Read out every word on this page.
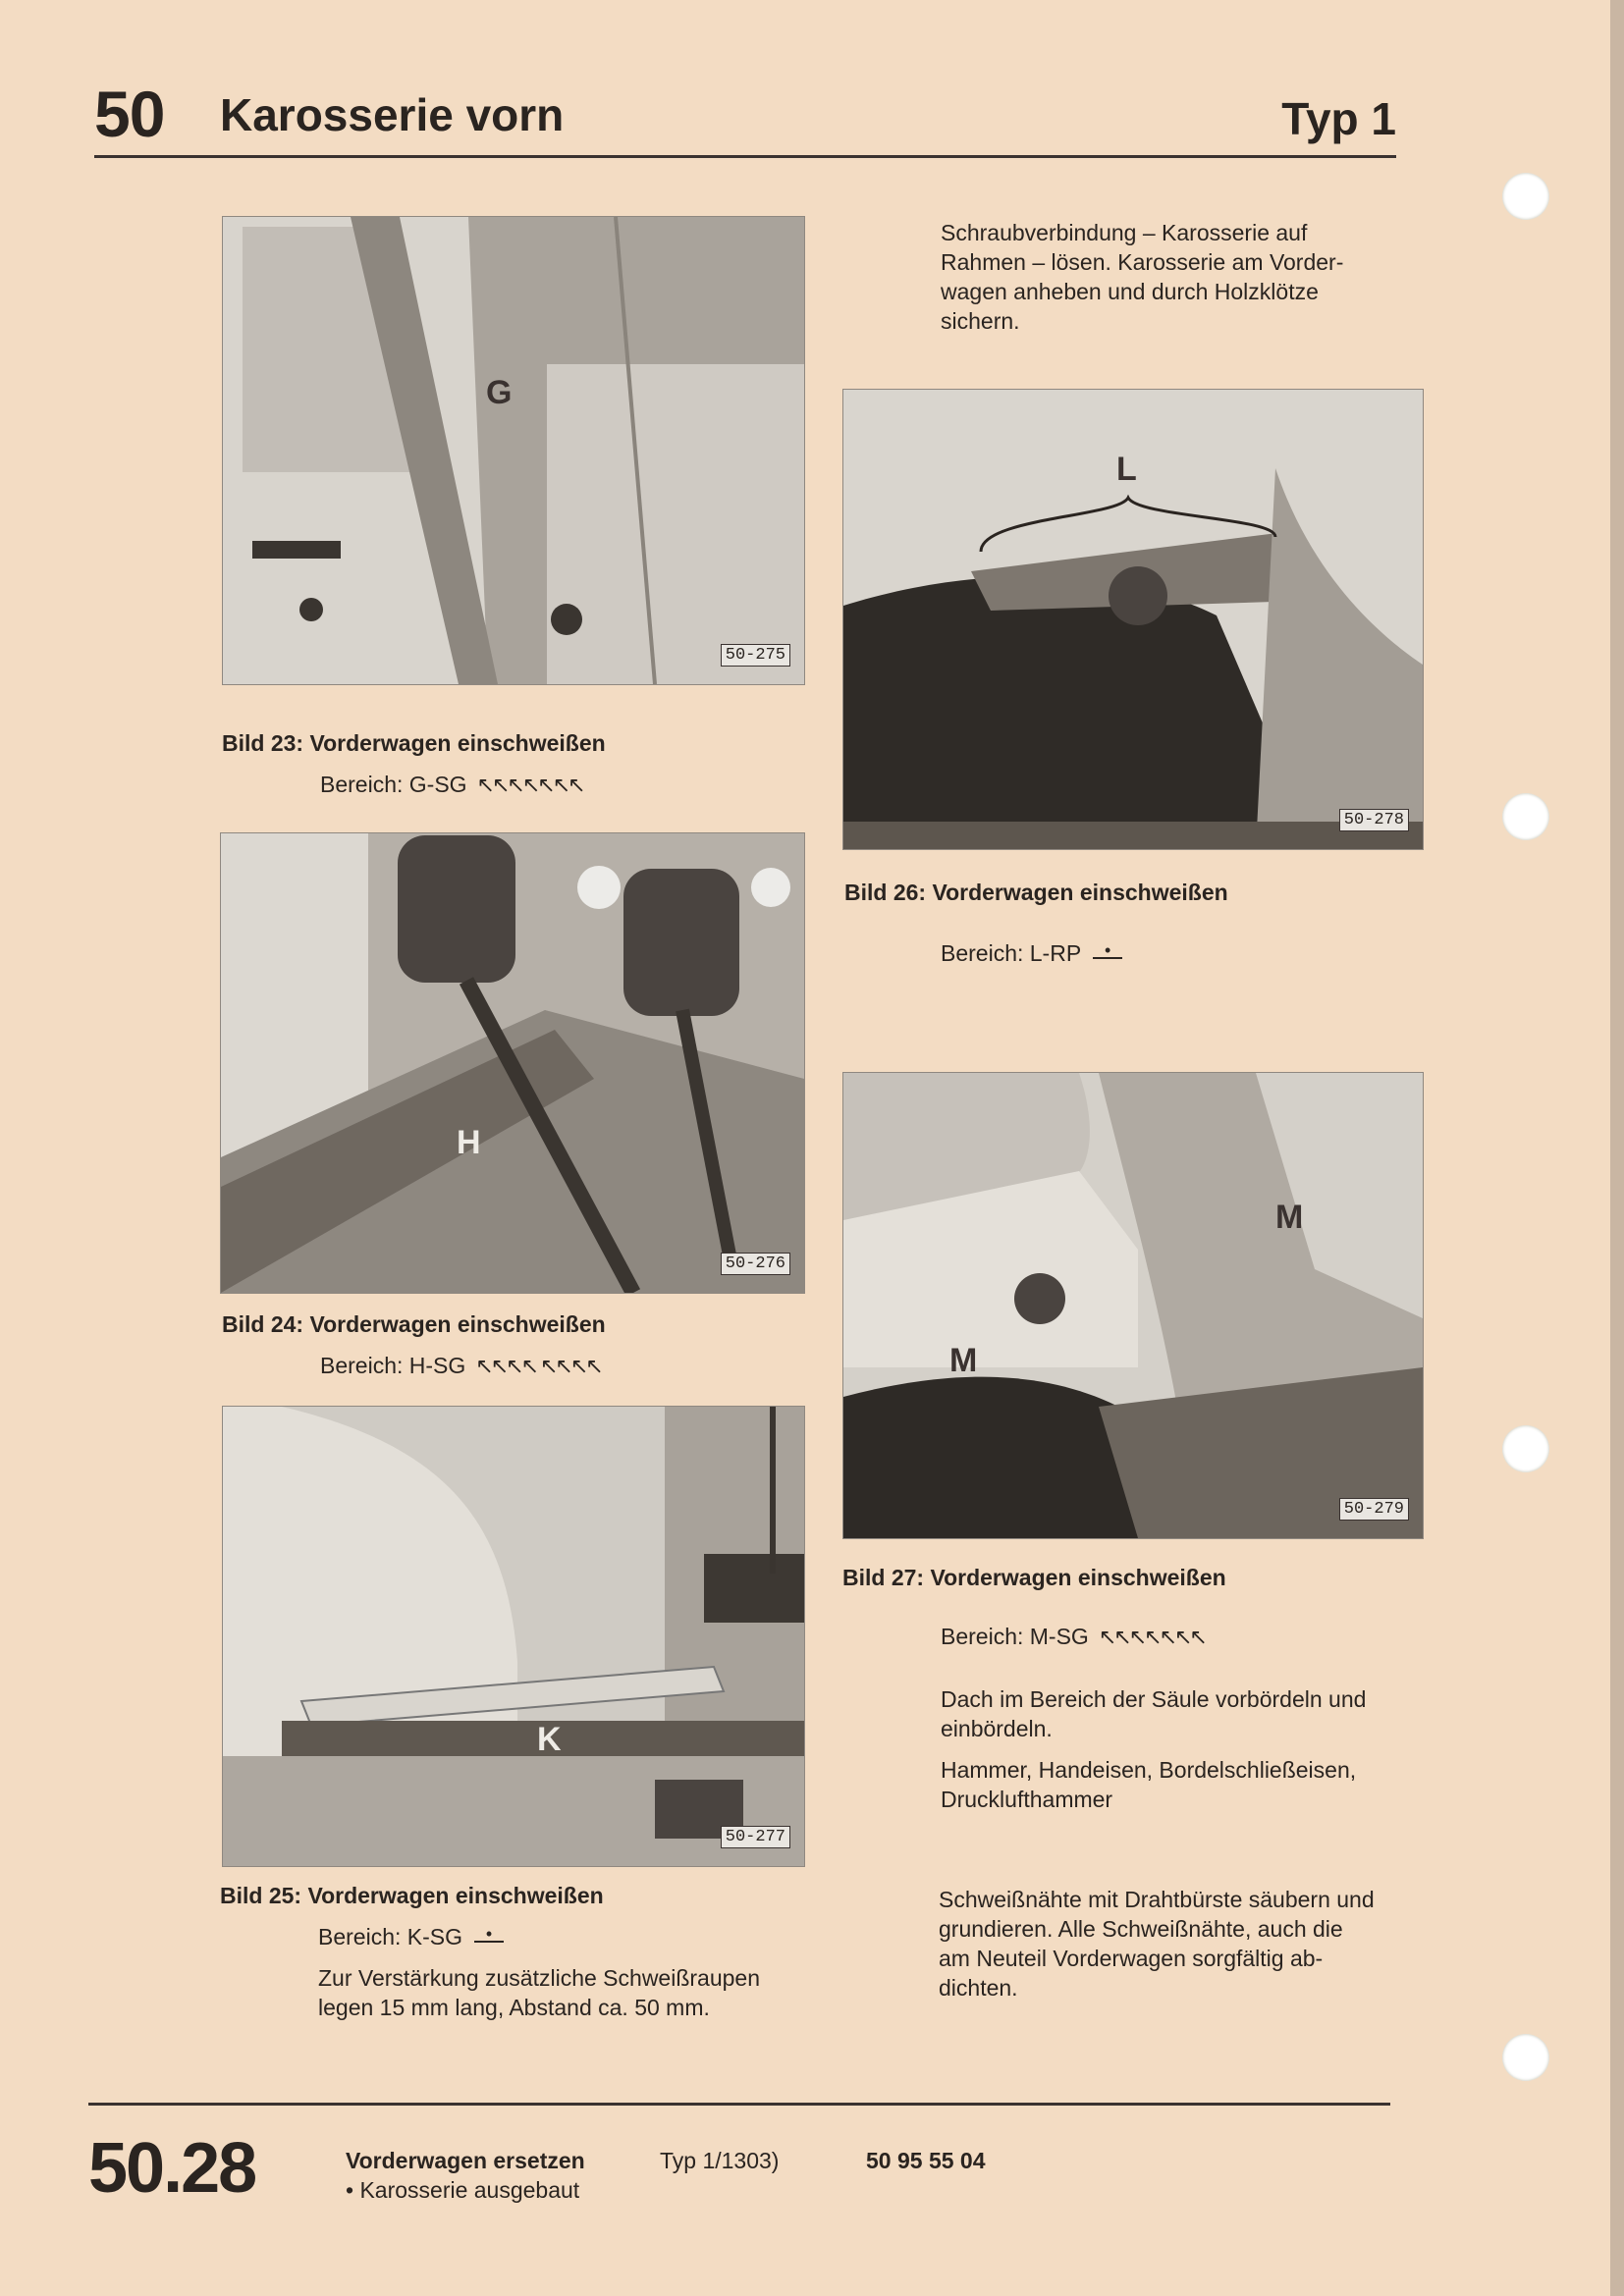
50 Karosserie vorn	Typ 1
G
50-275
Bild 23: Vorderwagen einschweißen
Bereich: G-SG ↖↖↖↖↖↖↖
H
50-276
Bild 24: Vorderwagen einschweißen
Bereich: H-SG ↖↖↖↖ ↖↖↖↖
K
50-277
Bild 25: Vorderwagen einschweißen
Bereich: K-SG •
Zur Verstärkung zusätzliche Schweißraupen
legen 15 mm lang, Abstand ca. 50 mm.
Schraubverbindung – Karosserie auf
Rahmen – lösen. Karosserie am Vorder-
wagen anheben und durch Holzklötze
sichern.
L
50-278
Bild 26: Vorderwagen einschweißen
Bereich: L-RP •
M
M
50-279
Bild 27: Vorderwagen einschweißen
Bereich: M-SG ↖↖↖↖↖↖↖
Dach im Bereich der Säule vorbördeln und
einbördeln.
Hammer, Handeisen, Bordelschließeisen,
Drucklufthammer
Schweißnähte mit Drahtbürste säubern und
grundieren. Alle Schweißnähte, auch die
am Neuteil Vorderwagen sorgfältig ab-
dichten.
50.28	Vorderwagen ersetzen
• Karosserie ausgebaut
Typ 1/1303)	50 95 55 04
